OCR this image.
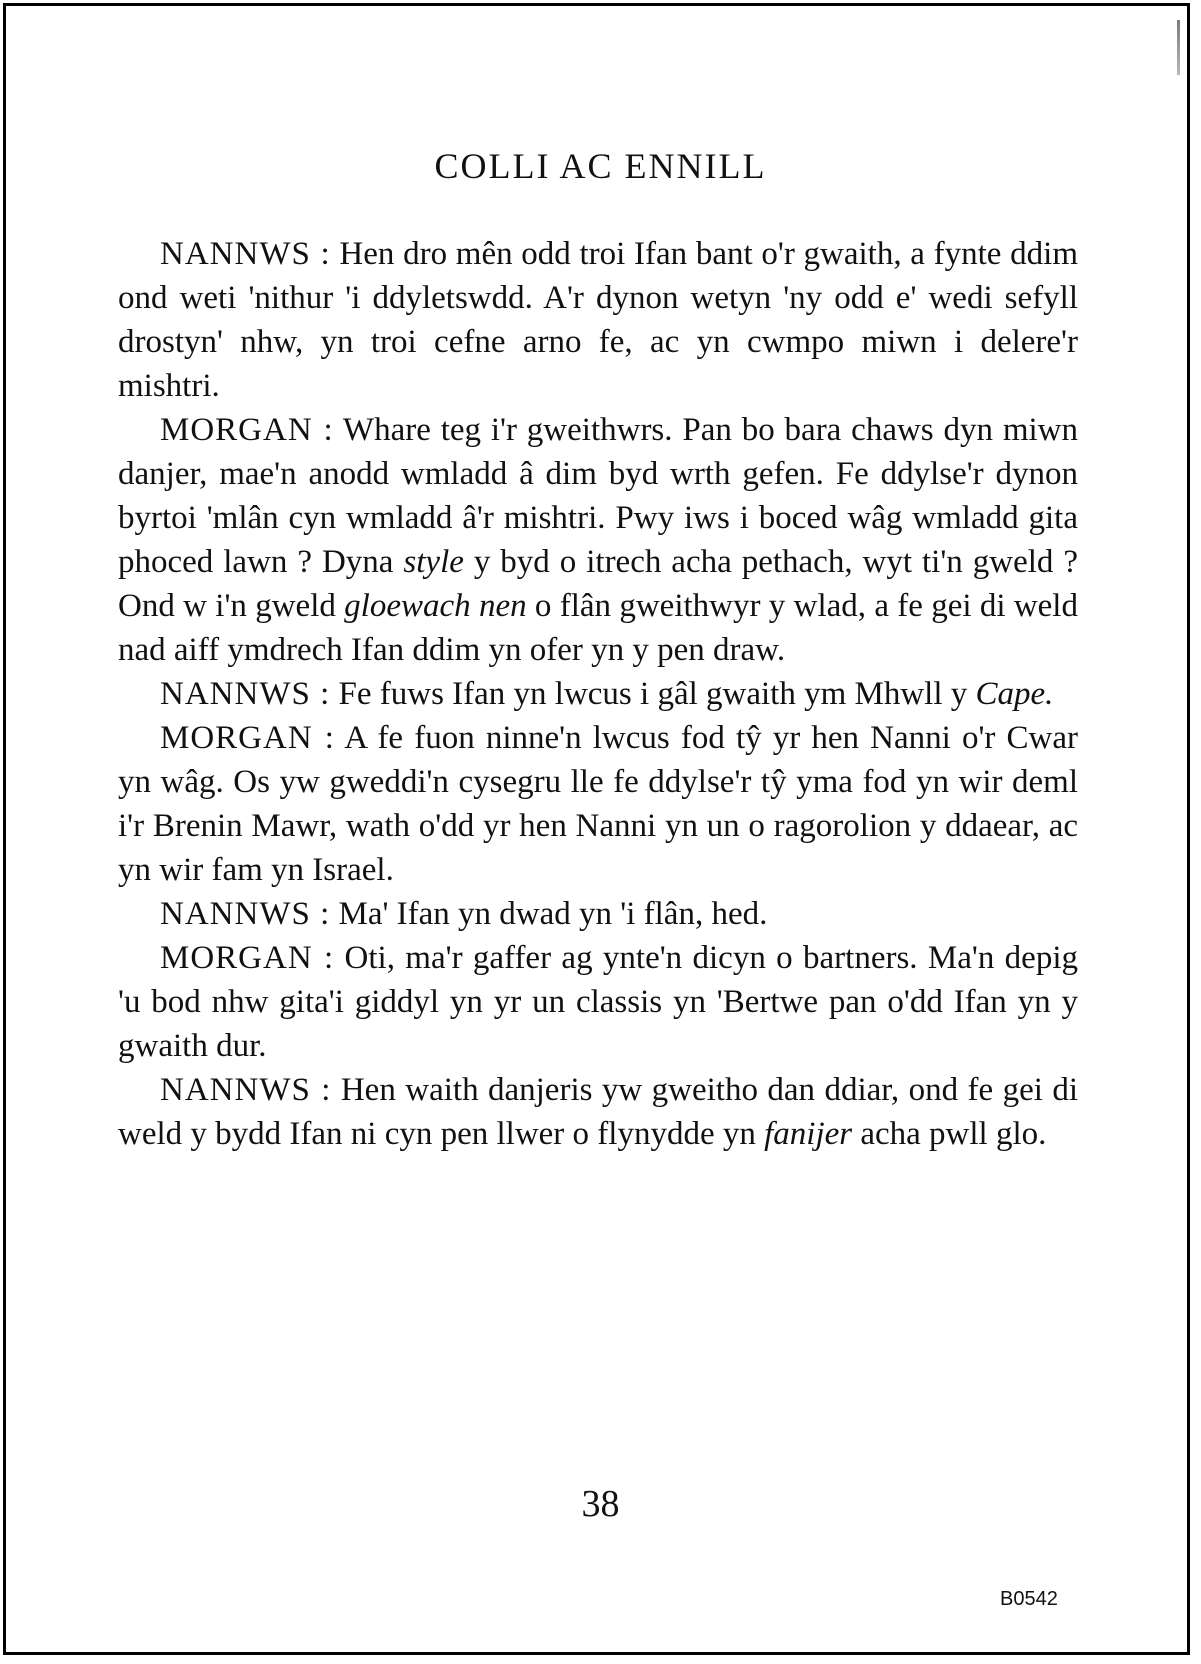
COLLI AC ENNILL

NANNWS : Hen dro mên odd troi Ifan bant o'r gwaith, a fynte ddim ond weti 'nithur 'i ddyletswdd. A'r dynon wetyn 'ny odd e' wedi sefyll drostyn' nhw, yn troi cefne arno fe, ac yn cwmpo miwn i delere'r mishtri.

MORGAN : Whare teg i'r gweithwrs. Pan bo bara chaws dyn miwn danjer, mae'n anodd wmladd â dim byd wrth gefen. Fe ddylse'r dynon byrtoi 'mlân cyn wmladd â'r mishtri. Pwy iws i boced wâg wmladd gita phoced lawn ? Dyna style y byd o itrech acha pethach, wyt ti'n gweld ? Ond w i'n gweld gloewach nen o flân gweithwyr y wlad, a fe gei di weld nad aiff ymdrech Ifan ddim yn ofer yn y pen draw.

NANNWS : Fe fuws Ifan yn lwcus i gâl gwaith ym Mhwll y Cape.

MORGAN : A fe fuon ninne'n lwcus fod tŷ yr hen Nanni o'r Cwar yn wâg. Os yw gweddi'n cysegru lle fe ddylse'r tŷ yma fod yn wir deml i'r Brenin Mawr, wath o'dd yr hen Nanni yn un o ragorolion y ddaear, ac yn wir fam yn Israel.

NANNWS : Ma' Ifan yn dwad yn 'i flân, hed.

MORGAN : Oti, ma'r gaffer ag ynte'n dicyn o bartners. Ma'n depig 'u bod nhw gita'i giddyl yn yr un classis yn 'Bertwe pan o'dd Ifan yn y gwaith dur.

NANNWS : Hen waith danjeris yw gweitho dan ddiar, ond fe gei di weld y bydd Ifan ni cyn pen llwer o flynydde yn fanijer acha pwll glo.

38
B0542
